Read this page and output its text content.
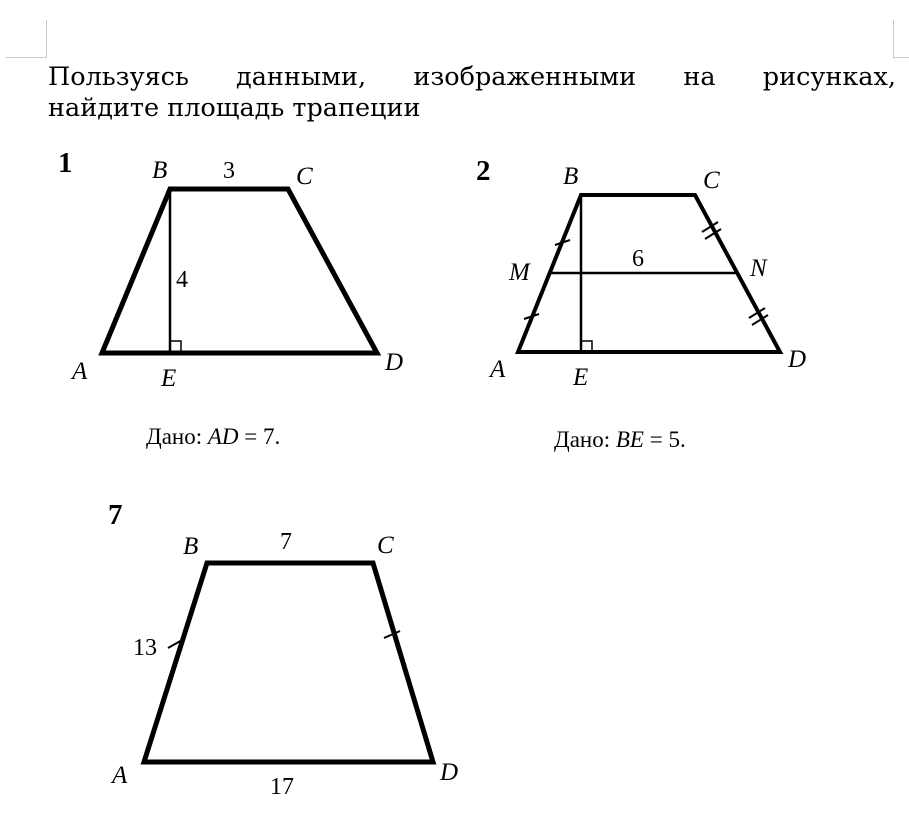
Пользуясь данными, изображенными на рисунках,
найдите площадь трапеции
1	B	C
A	D
E
3
4
Дано: AD = 7.
2	B	C
M	N
A	D
E
6
Дано: BE = 5.
7
B	C
A	D
7
13
17
